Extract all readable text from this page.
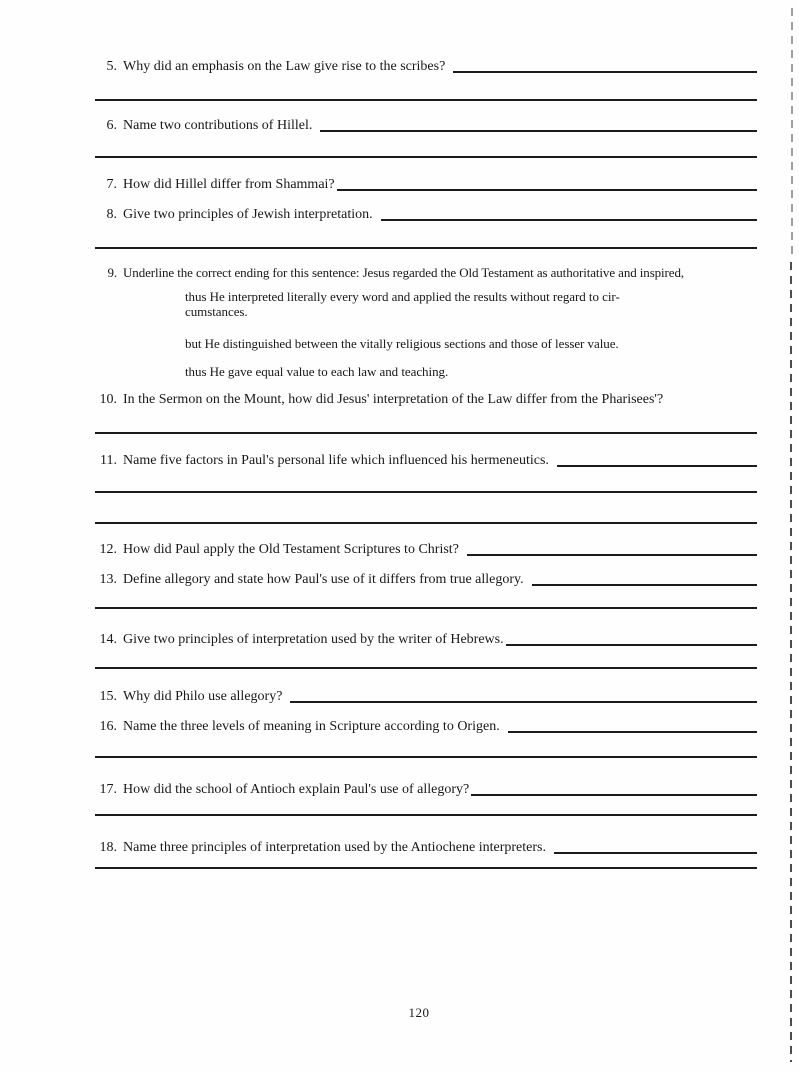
5. Why did an emphasis on the Law give rise to the scribes?
6. Name two contributions of Hillel.
7. How did Hillel differ from Shammai?
8. Give two principles of Jewish interpretation.
9. Underline the correct ending for this sentence: Jesus regarded the Old Testament as authoritative and inspired,
thus He interpreted literally every word and applied the results without regard to cir-
cumstances.
but He distinguished between the vitally religious sections and those of lesser value.
thus He gave equal value to each law and teaching.
10. In the Sermon on the Mount, how did Jesus' interpretation of the Law differ from the Pharisees'?
11. Name five factors in Paul's personal life which influenced his hermeneutics.
12. How did Paul apply the Old Testament Scriptures to Christ?
13. Define allegory and state how Paul's use of it differs from true allegory.
14. Give two principles of interpretation used by the writer of Hebrews.
15. Why did Philo use allegory?
16. Name the three levels of meaning in Scripture according to Origen.
17. How did the school of Antioch explain Paul's use of allegory?
18. Name three principles of interpretation used by the Antiochene interpreters.
120
